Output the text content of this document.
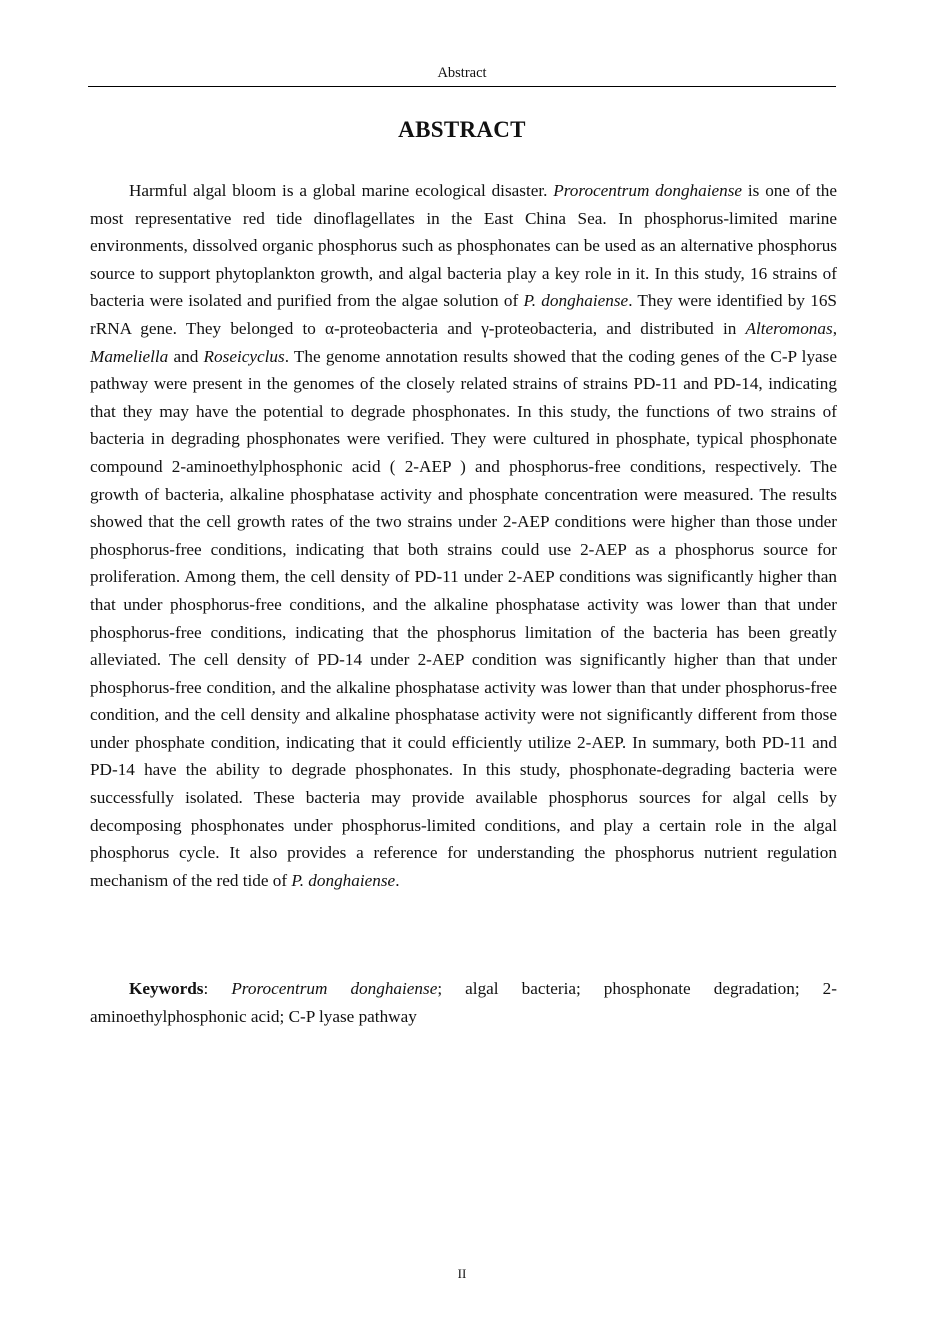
Abstract
ABSTRACT

Harmful algal bloom is a global marine ecological disaster. Prorocentrum donghaiense is one of the most representative red tide dinoflagellates in the East China Sea. In phosphorus-limited marine environments, dissolved organic phosphorus such as phosphonates can be used as an alternative phosphorus source to support phytoplankton growth, and algal bacteria play a key role in it. In this study, 16 strains of bacteria were isolated and purified from the algae solution of P. donghaiense. They were identified by 16S rRNA gene. They belonged to α-proteobacteria and γ-proteobacteria, and distributed in Alteromonas, Mameliella and Roseicyclus. The genome annotation results showed that the coding genes of the C-P lyase pathway were present in the genomes of the closely related strains of strains PD-11 and PD-14, indicating that they may have the potential to degrade phosphonates. In this study, the functions of two strains of bacteria in degrading phosphonates were verified. They were cultured in phosphate, typical phosphonate compound 2-aminoethylphosphonic acid ( 2-AEP ) and phosphorus-free conditions, respectively. The growth of bacteria, alkaline phosphatase activity and phosphate concentration were measured. The results showed that the cell growth rates of the two strains under 2-AEP conditions were higher than those under phosphorus-free conditions, indicating that both strains could use 2-AEP as a phosphorus source for proliferation. Among them, the cell density of PD-11 under 2-AEP conditions was significantly higher than that under phosphorus-free conditions, and the alkaline phosphatase activity was lower than that under phosphorus-free conditions, indicating that the phosphorus limitation of the bacteria has been greatly alleviated. The cell density of PD-14 under 2-AEP condition was significantly higher than that under phosphorus-free condition, and the alkaline phosphatase activity was lower than that under phosphorus-free condition, and the cell density and alkaline phosphatase activity were not significantly different from those under phosphate condition, indicating that it could efficiently utilize 2-AEP. In summary, both PD-11 and PD-14 have the ability to degrade phosphonates. In this study, phosphonate-degrading bacteria were successfully isolated. These bacteria may provide available phosphorus sources for algal cells by decomposing phosphonates under phosphorus-limited conditions, and play a certain role in the algal phosphorus cycle. It also provides a reference for understanding the phosphorus nutrient regulation mechanism of the red tide of P. donghaiense.

Keywords: Prorocentrum donghaiense; algal bacteria; phosphonate degradation; 2-aminoethylphosphonic acid; C-P lyase pathway

II
